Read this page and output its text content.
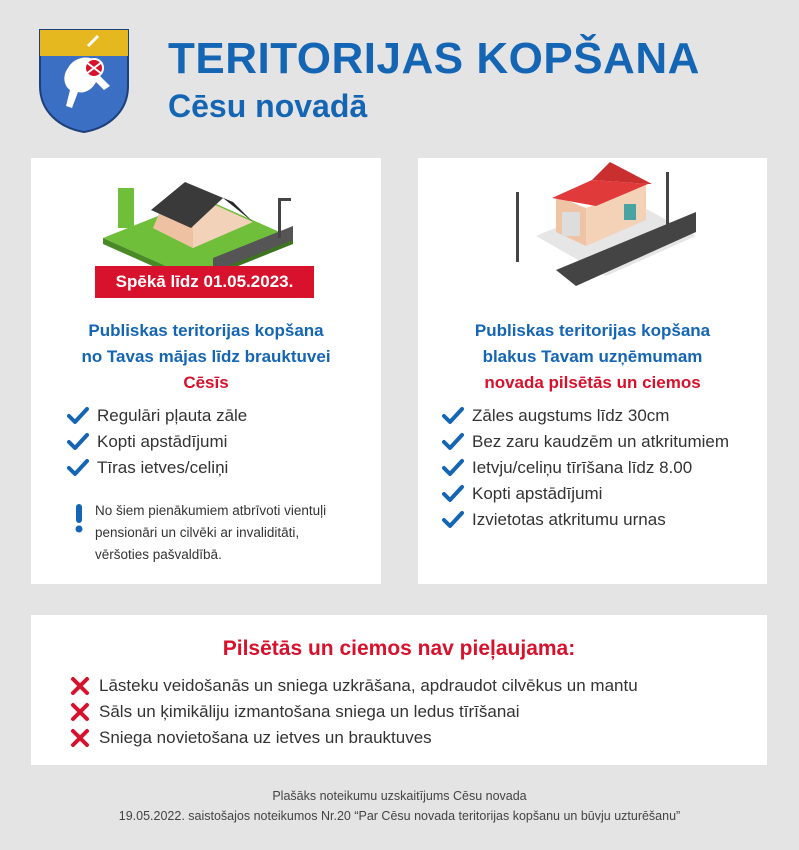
TERITORIJAS KOPŠANA
Cēsu novadā
Spēkā līdz 01.05.2023.
Publiskas teritorijas kopšana
no Tavas mājas līdz brauktuvei
Cēsīs
Regulāri pļauta zāle
Kopti apstādījumi
Tīras ietves/celiņi
No šiem pienākumiem atbrīvoti vientuļi
pensionāri un cilvēki ar invaliditāti,
vēršoties pašvaldībā.
Publiskas teritorijas kopšana
blakus Tavam uzņēmumam
novada pilsētās un ciemos
Zāles augstums līdz 30cm
Bez zaru kaudzēm un atkritumiem
Ietvju/celiņu tīrīšana līdz 8.00
Kopti apstādījumi
Izvietotas atkritumu urnas
Pilsētās un ciemos nav pieļaujama:
Lāsteku veidošanās un sniega uzkrāšana, apdraudot cilvēkus un mantu
Sāls un ķimikāliju izmantošana sniega un ledus tīrīšanai
Sniega novietošana uz ietves un brauktuves
Plašāks noteikumu uzskaitījums Cēsu novada
19.05.2022. saistošajos noteikumos Nr.20 “Par Cēsu novada teritorijas kopšanu un būvju uzturēšanu”
